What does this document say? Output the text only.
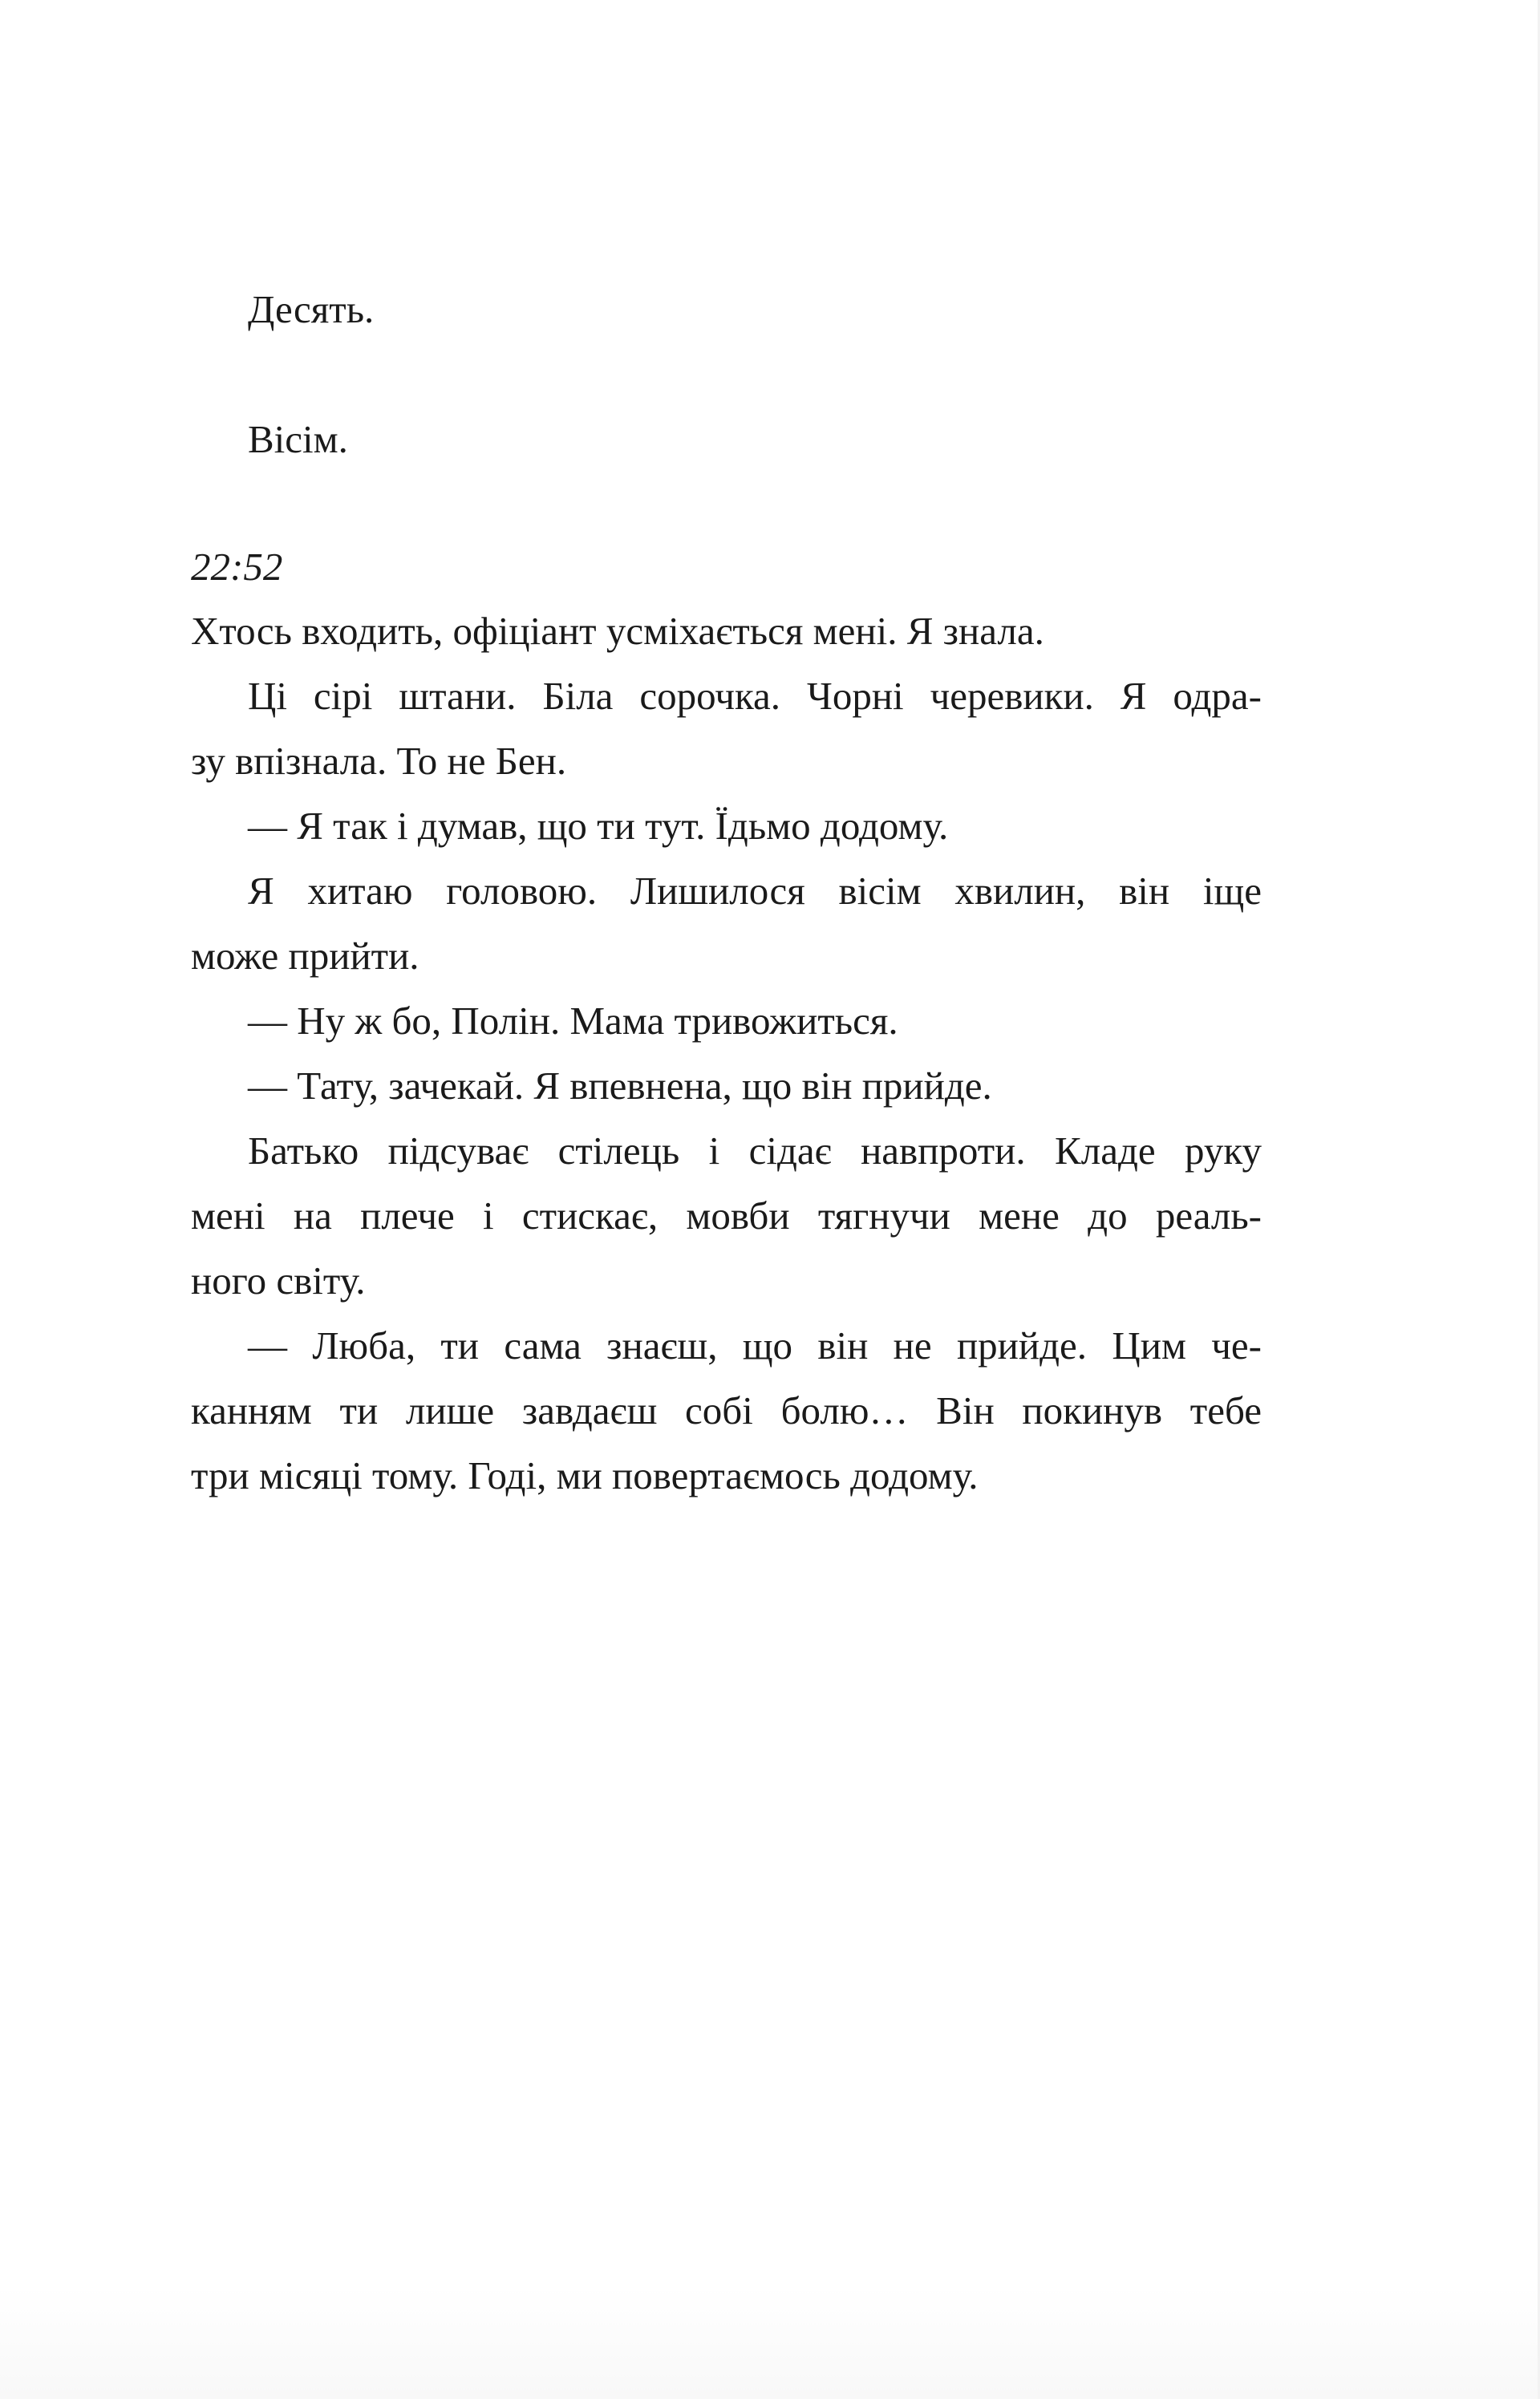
Десять.
Вісім.
22:52
Хтось входить, офіціант усміхається мені. Я знала.
Ці сірі штани. Біла сорочка. Чорні черевики. Я одра-
зу впізнала. То не Бен.
— Я так і думав, що ти тут. Їдьмо додому.
Я хитаю головою. Лишилося вісім хвилин, він іще
може прийти.
— Ну ж бо, Полін. Мама тривожиться.
— Тату, зачекай. Я впевнена, що він прийде.
Батько підсуває стілець і сідає навпроти. Кладе руку
мені на плече і стискає, мовби тягнучи мене до реаль-
ного світу.
— Люба, ти сама знаєш, що він не прийде. Цим че-
канням ти лише завдаєш собі болю… Він покинув тебе
три місяці тому. Годі, ми повертаємось додому.
